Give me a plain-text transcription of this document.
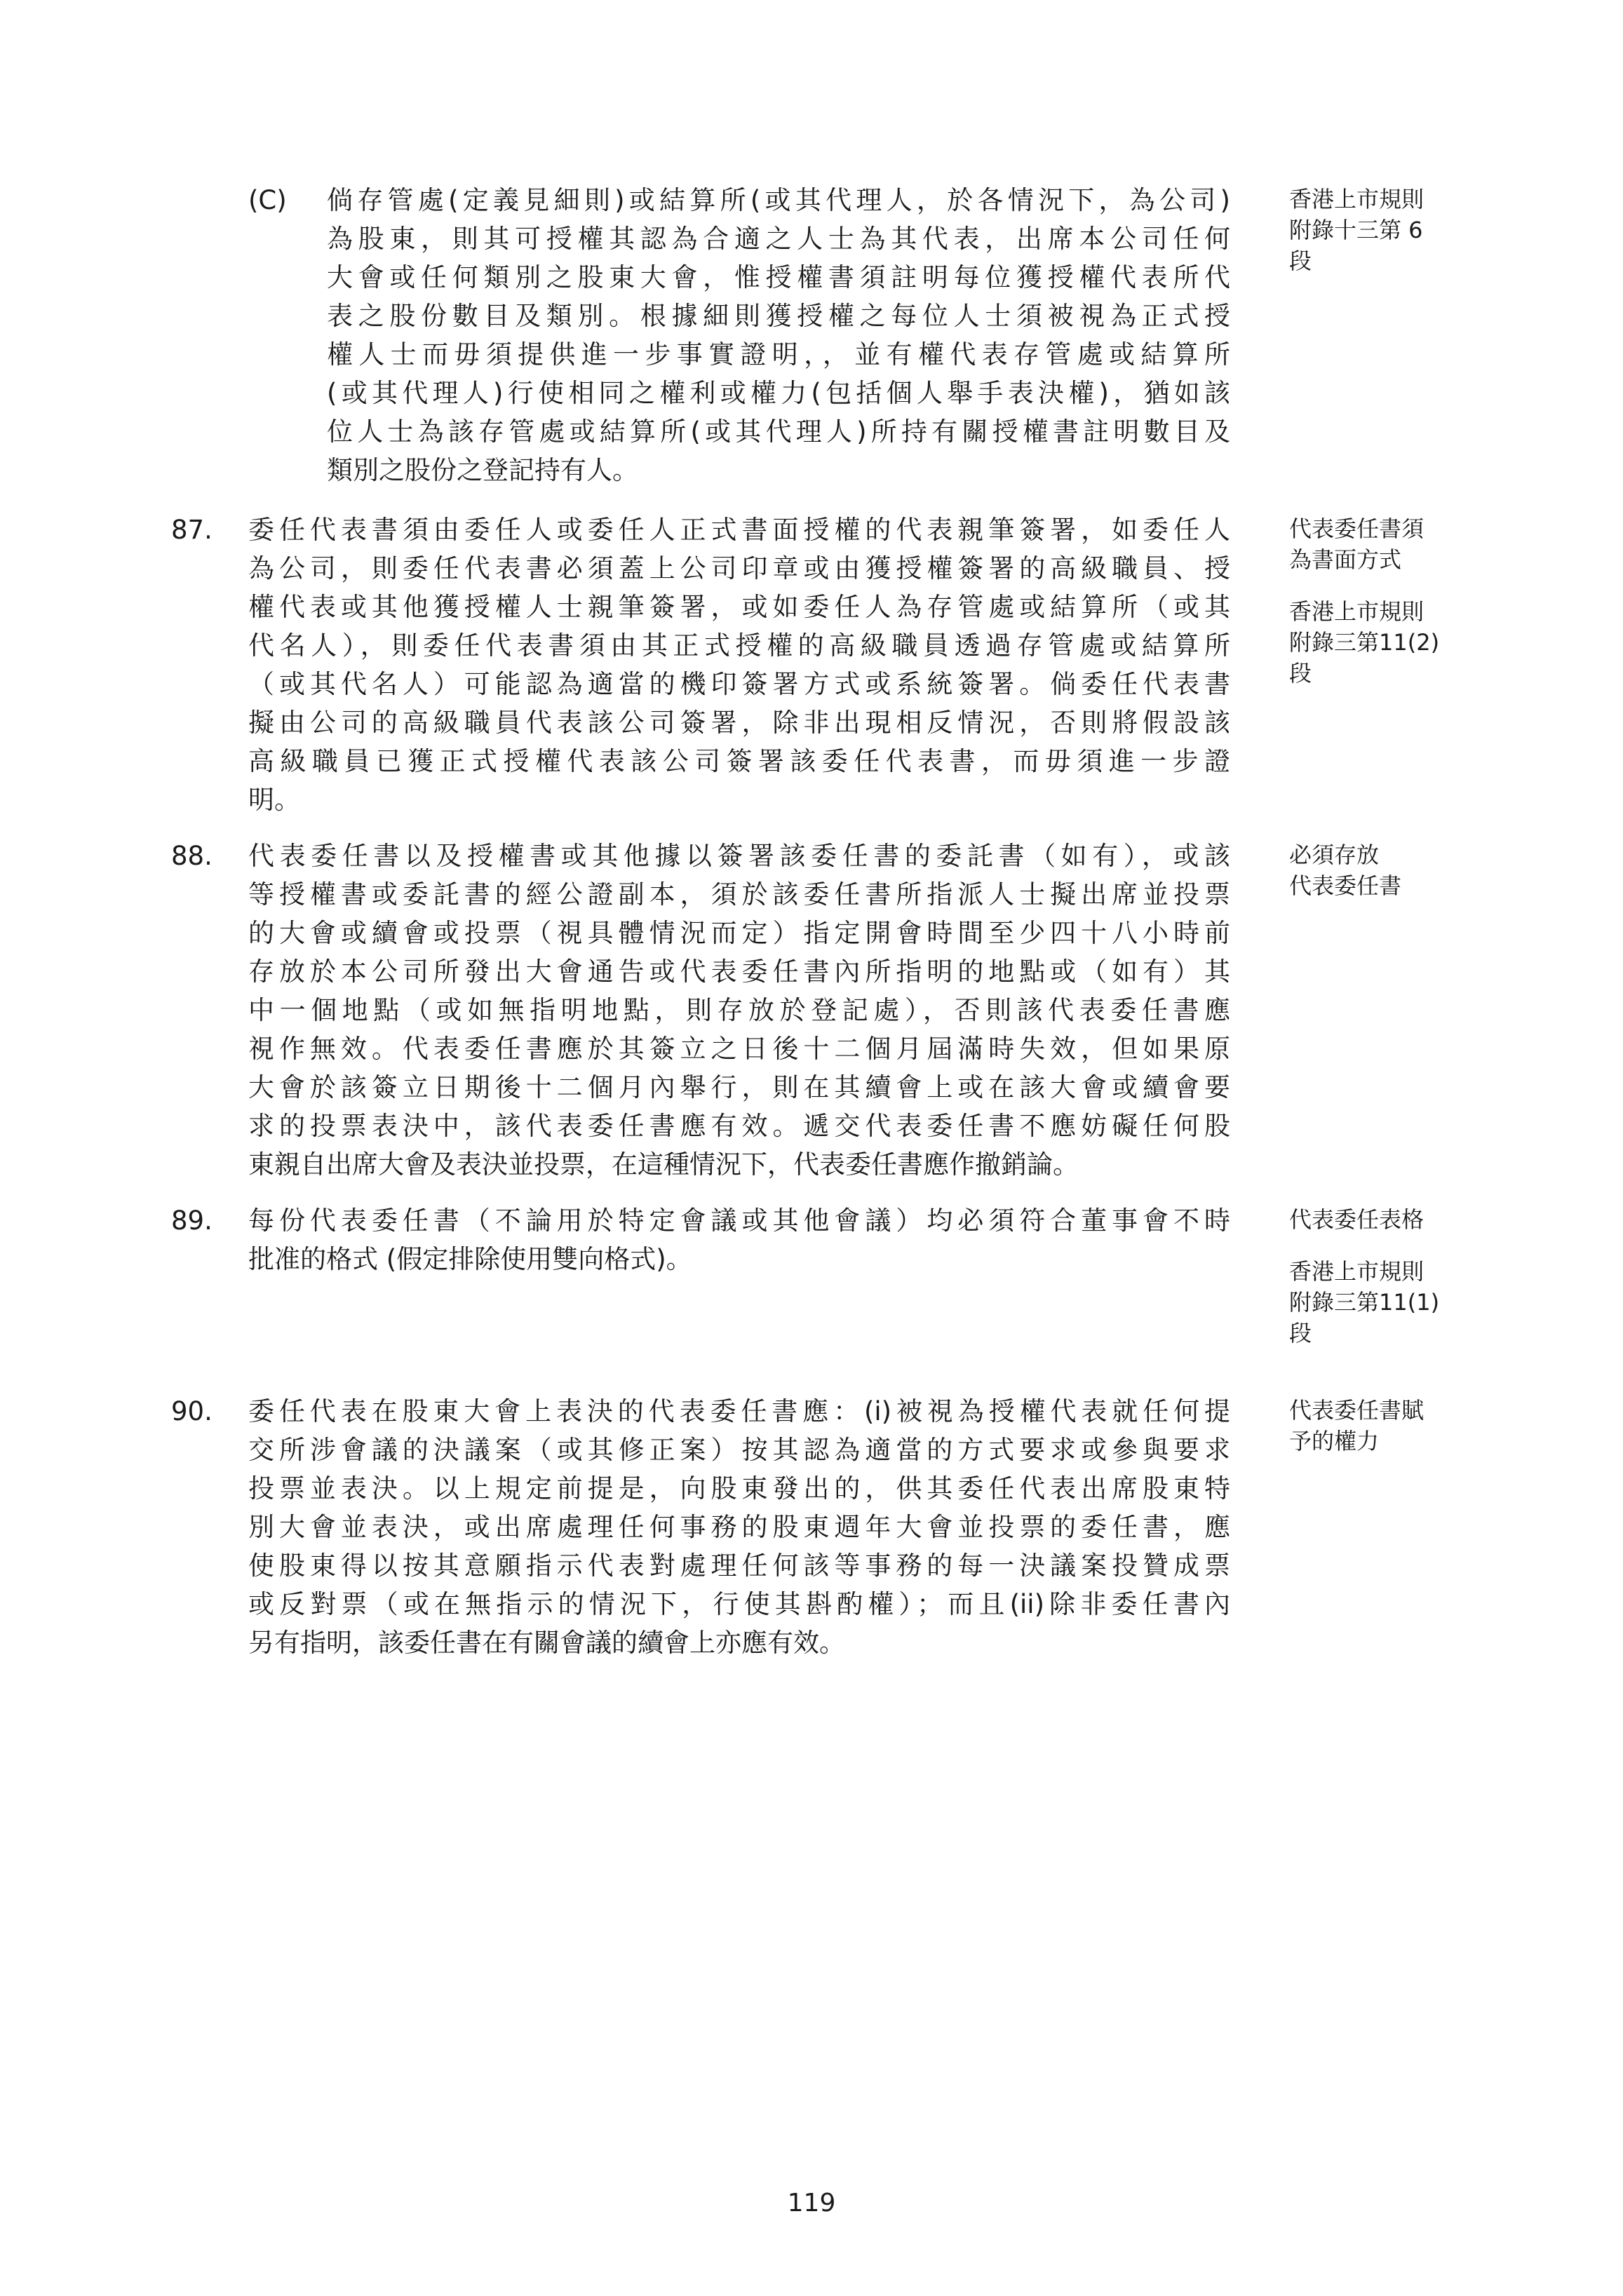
(C) 倘存管處(定義見細則)或結算所(或其代理人，於各情況下，為公司)
為股東，則其可授權其認為合適之人士為其代表，出席本公司任何
大會或任何類別之股東大會，惟授權書須註明每位獲授權代表所代
表之股份數目及類別。根據細則獲授權之每位人士須被視為正式授
權人士而毋須提供進一步事實證明，，並有權代表存管處或結算所
(或其代理人)行使相同之權利或權力(包括個人舉手表決權)，猶如該
位人士為該存管處或結算所(或其代理人)所持有關授權書註明數目及
類別之股份之登記持有人。
香港上市規則
附錄十三第 6
段
87. 委任代表書須由委任人或委任人正式書面授權的代表親筆簽署，如委任人
為公司，則委任代表書必須蓋上公司印章或由獲授權簽署的高級職員、授
權代表或其他獲授權人士親筆簽署，或如委任人為存管處或結算所（或其
代名人），則委任代表書須由其正式授權的高級職員透過存管處或結算所
（或其代名人）可能認為適當的機印簽署方式或系統簽署。倘委任代表書
擬由公司的高級職員代表該公司簽署，除非出現相反情況，否則將假設該
高級職員已獲正式授權代表該公司簽署該委任代表書，而毋須進一步證
明。
代表委任書須
為書面方式
香港上市規則
附錄三第11(2)
段
88. 代表委任書以及授權書或其他據以簽署該委任書的委託書（如有），或該
等授權書或委託書的經公證副本，須於該委任書所指派人士擬出席並投票
的大會或續會或投票（視具體情況而定）指定開會時間至少四十八小時前
存放於本公司所發出大會通告或代表委任書內所指明的地點或（如有）其
中一個地點（或如無指明地點，則存放於登記處），否則該代表委任書應
視作無效。代表委任書應於其簽立之日後十二個月屆滿時失效，但如果原
大會於該簽立日期後十二個月內舉行，則在其續會上或在該大會或續會要
求的投票表決中，該代表委任書應有效。遞交代表委任書不應妨礙任何股
東親自出席大會及表決並投票，在這種情況下，代表委任書應作撤銷論。
必須存放
代表委任書
89. 每份代表委任書（不論用於特定會議或其他會議）均必須符合董事會不時
批准的格式 (假定排除使用雙向格式)。
代表委任表格
香港上市規則
附錄三第11(1)
段
90. 委任代表在股東大會上表決的代表委任書應：(i)被視為授權代表就任何提
交所涉會議的決議案（或其修正案）按其認為適當的方式要求或參與要求
投票並表決。以上規定前提是，向股東發出的，供其委任代表出席股東特
別大會並表決，或出席處理任何事務的股東週年大會並投票的委任書，應
使股東得以按其意願指示代表對處理任何該等事務的每一決議案投贊成票
或反對票（或在無指示的情況下，行使其斟酌權）；而且(ii)除非委任書內
另有指明，該委任書在有關會議的續會上亦應有效。
代表委任書賦
予的權力
119
